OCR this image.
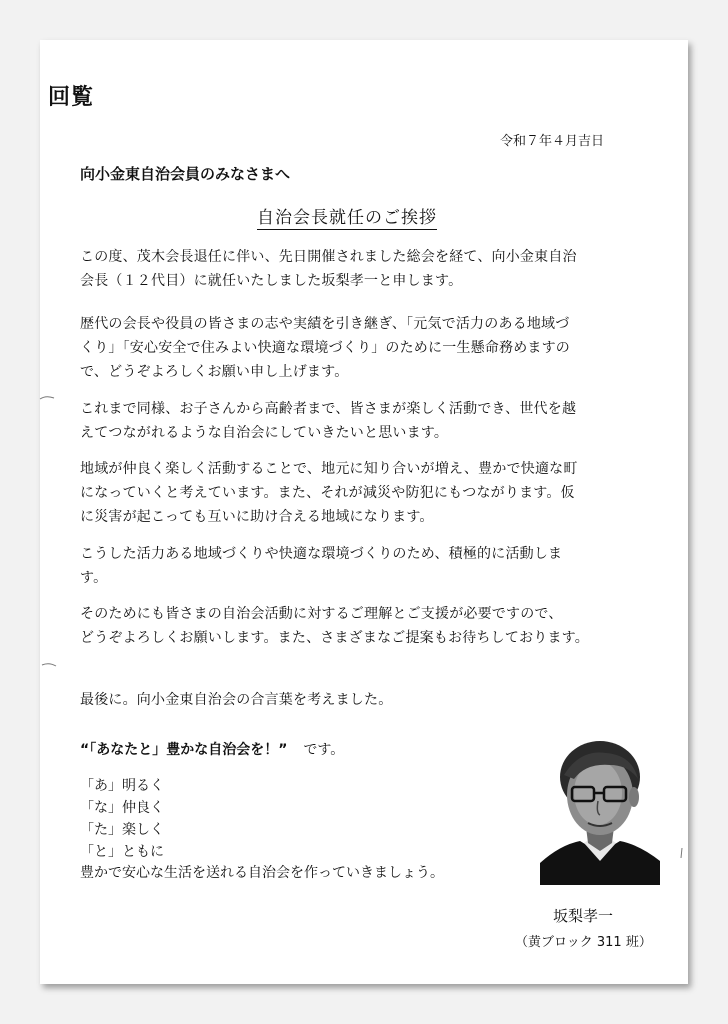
回覧
令和７年４月吉日
向小金東自治会員のみなさまへ
自治会長就任のご挨拶
この度、茂木会長退任に伴い、先日開催されました総会を経て、向小金東自治
会長（１２代目）に就任いたしました坂梨孝一と申します。
歴代の会長や役員の皆さまの志や実績を引き継ぎ、「元気で活力のある地域づ
くり」「安心安全で住みよい快適な環境づくり」のために一生懸命務めますの
で、どうぞよろしくお願い申し上げます。
これまで同様、お子さんから高齢者まで、皆さまが楽しく活動でき、世代を越
えてつながれるような自治会にしていきたいと思います。
地域が仲良く楽しく活動することで、地元に知り合いが増え、豊かで快適な町
になっていくと考えています。また、それが減災や防犯にもつながります。仮
に災害が起こっても互いに助け合える地域になります。
こうした活力ある地域づくりや快適な環境づくりのため、積極的に活動しま
す。
そのためにも皆さまの自治会活動に対するご理解とご支援が必要ですので、
どうぞよろしくお願いします。また、さまざまなご提案もお待ちしております。
最後に。向小金東自治会の合言葉を考えました。
“「あなたと」豊かな自治会を！” です。
「あ」明るく
「な」仲良く
「た」楽しく
「と」ともに
豊かで安心な生活を送れる自治会を作っていきましょう。
坂梨孝一
（黄ブロック 311 班）
